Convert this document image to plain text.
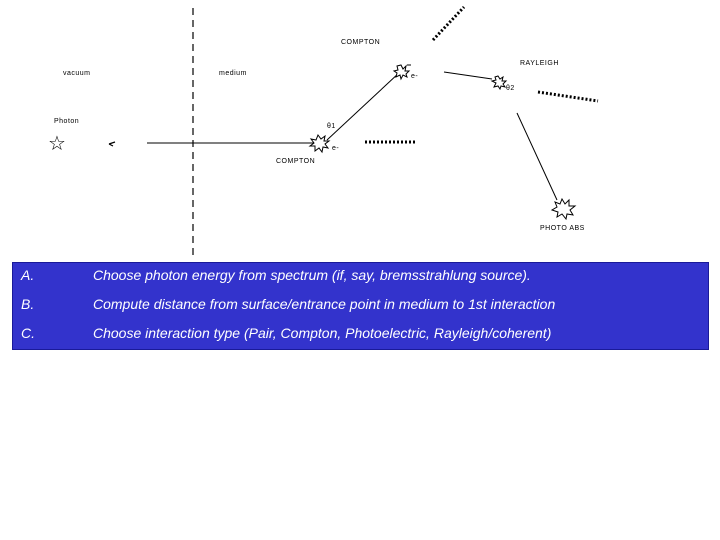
vacuum	medium
Photon
☆
COMPTON
θ1
e-
e-
COMPTON
RAYLEIGH
θ2
PHOTO ABS
A.	Choose photon energy from spectrum (if, say, bremsstrahlung source).
B.	Compute distance from surface/entrance point in medium to 1st interaction
C.	Choose interaction type (Pair, Compton, Photoelectric, Rayleigh/coherent)
